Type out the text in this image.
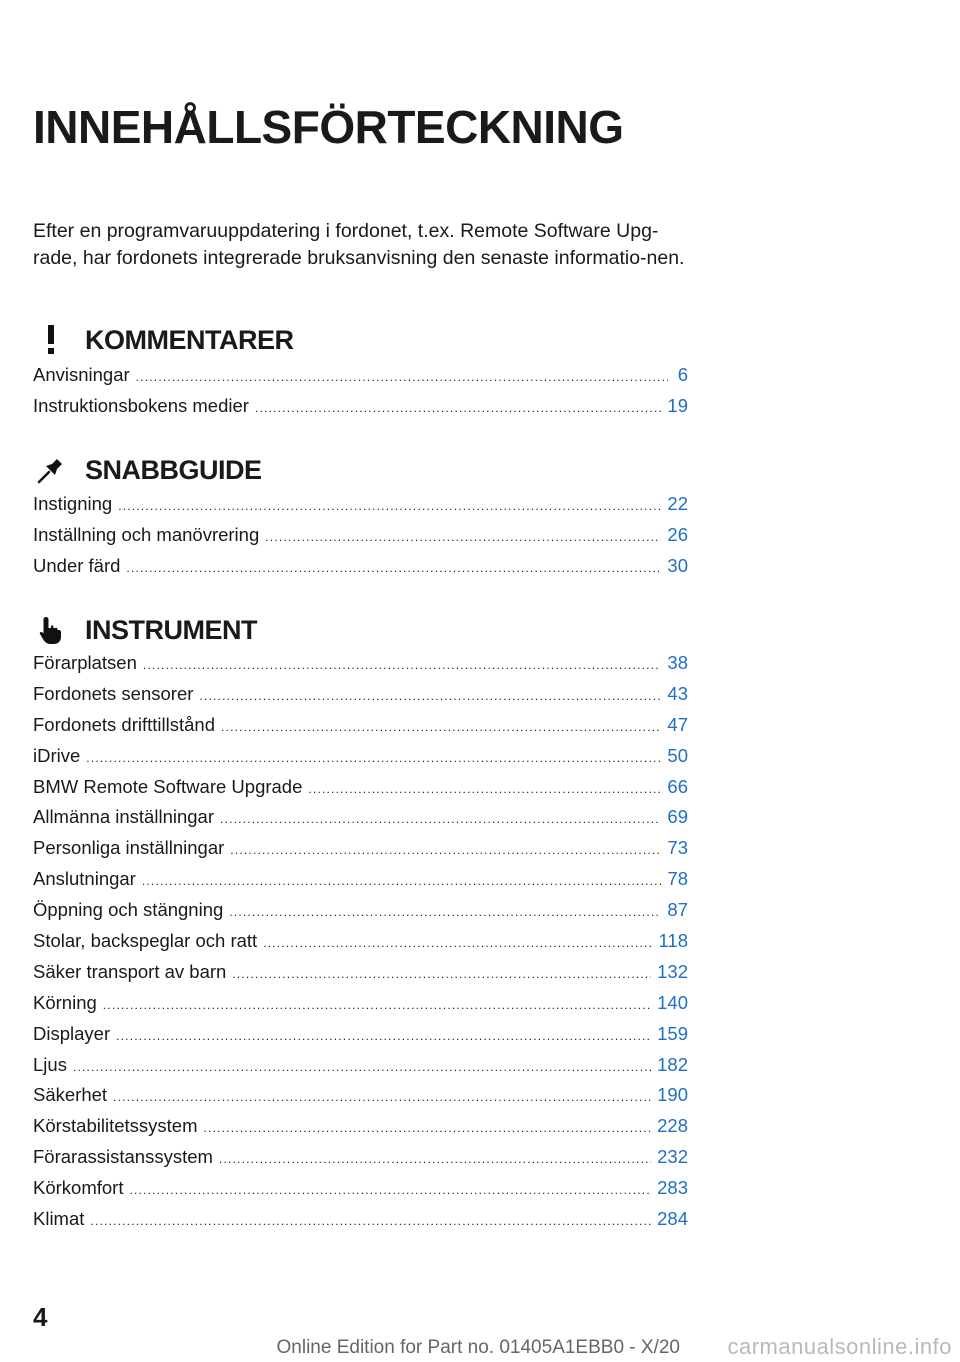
INNEHÅLLSFÖRTECKNING

Efter en programvaruuppdatering i fordonet, t.ex. Remote Software Upg-rade, har fordonets integrerade bruksanvisning den senaste informatio-nen.

KOMMENTARER
Anvisningar .....	6
Instruktionsbokens medier .....	19
SNABBGUIDE
Instigning .....	22
Inställning och manövrering .....	26
Under färd .....	30
INSTRUMENT
Förarplatsen .....	38
Fordonets sensorer .....	43
Fordonets drifttillstånd .....	47
iDrive .....	50
BMW Remote Software Upgrade .....	66
Allmänna inställningar .....	69
Personliga inställningar .....	73
Anslutningar .....	78
Öppning och stängning .....	87
Stolar, backspeglar och ratt .....	118
Säker transport av barn .....	132
Körning .....	140
Displayer .....	159
Ljus .....	182
Säkerhet .....	190
Körstabilitetssystem .....	228
Förarassistanssystem .....	232
Körkomfort .....	283
Klimat .....	284
4
Online Edition for Part no. 01405A1EBB0 - X/20 carmanualsonline.info
